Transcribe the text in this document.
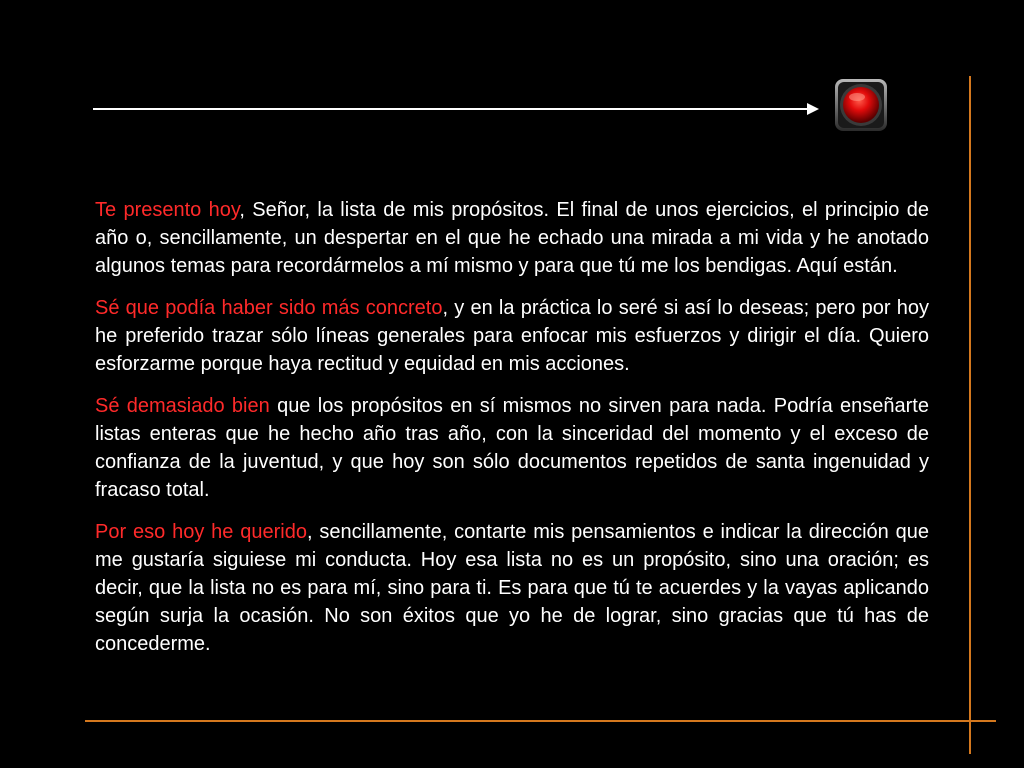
Te presento hoy, Señor, la lista de mis propósitos. El final de unos ejercicios, el principio de año o, sencillamente, un despertar en el que he echado una mirada a mi vida y he anotado algunos temas para recordármelos a mí mismo y para que tú me los bendigas. Aquí están.

Sé que podía haber sido más concreto, y en la práctica lo seré si así lo deseas; pero por hoy he preferido trazar sólo líneas generales para enfocar mis esfuerzos y dirigir el día. Quiero esforzarme porque haya rectitud y equidad en mis acciones.

Sé demasiado bien que los propósitos en sí mismos no sirven para nada. Podría enseñarte listas enteras que he hecho año tras año, con la sinceridad del momento y el exceso de confianza de la juventud, y que hoy son sólo documentos repetidos de santa ingenuidad y fracaso total.

Por eso hoy he querido, sencillamente, contarte mis pensamientos e indicar la dirección que me gustaría siguiese mi conducta. Hoy esa lista no es un propósito, sino una oración; es decir, que la lista no es para mí, sino para ti. Es para que tú te acuerdes y la vayas aplicando según surja la ocasión. No son éxitos que yo he de lograr, sino gracias que tú has de concederme.
